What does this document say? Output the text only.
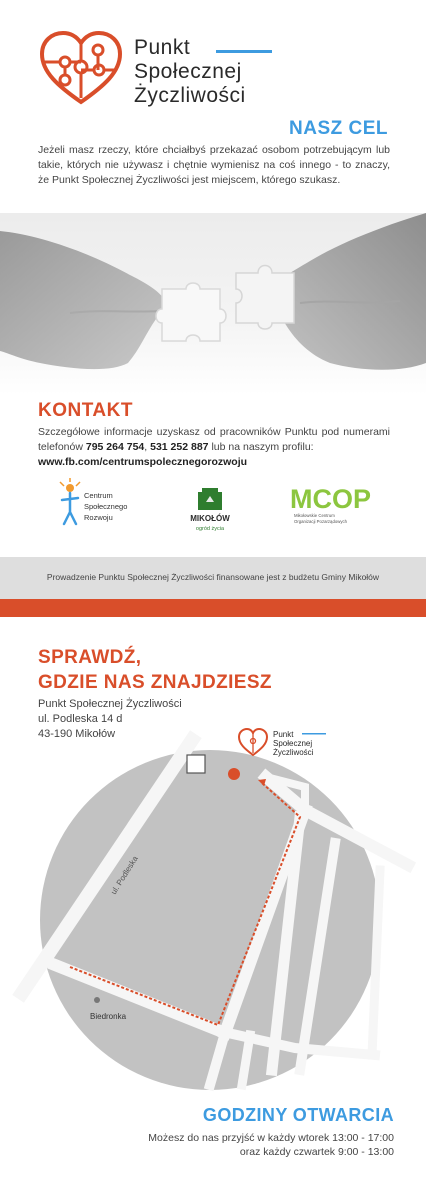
Punkt
Społecznej
Życzliwości
NASZ CEL
Jeżeli masz rzeczy, które chciałbyś przekazać osobom potrzebującym lub takie, których nie używasz i chętnie wymienisz na coś innego - to znaczy, że Punkt Społecznej Życzliwości jest miejscem, którego szukasz.
KONTAKT
Szczegółowe informacje uzyskasz od pracowników Punktu pod numerami telefonów 795 264 754, 531 252 887 lub na naszym profilu:
www.fb.com/centrumspolecznegorozwoju
Centrum
Społecznego
Rozwoju	MIKOŁÓW
ogród życia
MCOP
Mikołowskie Centrum
Organizacji Pozarządowych
Prowadzenie Punktu Społecznej Życzliwości finansowane jest z budżetu Gminy Mikołów
SPRAWDŹ,
GDZIE NAS ZNAJDZIESZ
Punkt Społecznej Życzliwości
ul. Podleska 14 d
43-190 Mikołów
Biedronka
ul. Podleska
Punkt
Społecznej
Życzliwości
GODZINY OTWARCIA
Możesz do nas przyjść w każdy wtorek 13:00 - 17:00
oraz każdy czwartek 9:00 - 13:00
